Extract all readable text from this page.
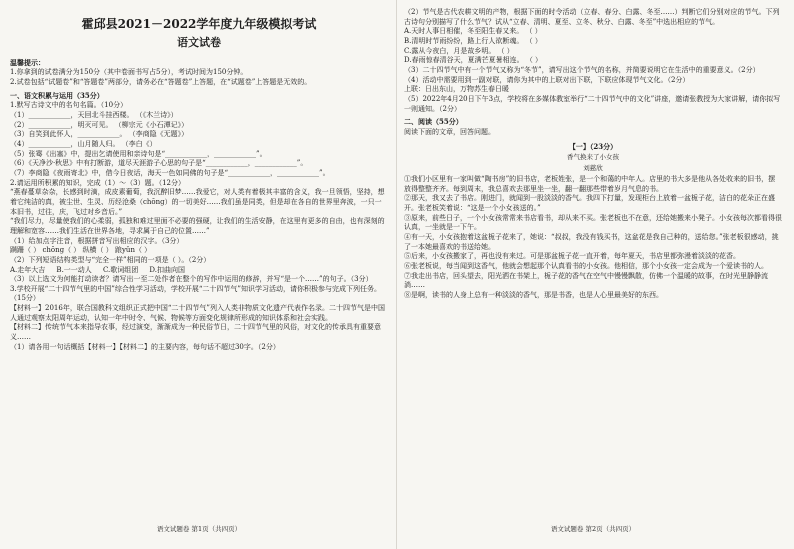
霍邱县2021－2022学年度九年级模拟考试
语文试卷
温馨提示：

1.你拿到的试卷满分为150分（其中卷面书写占5分），考试时间为150分钟。

2.试卷包括“试题卷”和“答题卷”两部分，请务必在“答题卷”上答题，在“试题卷”上答题是无效的。

一、语文积累与运用（35分）

1.默写古诗文中的名句名篇。（10分）

（1）____________，天回北斗挂西楼。 （《木兰诗》）

（2）____________，明灭可见。 （柳宗元《小石潭记》）

（3）自笑到此怀人，____________。 （李商隐《无题》）

（4）____________，山月随人归。 （李白《）

（5）张骞《出塞》中，提出乞请使用和亲诗句是“____________，____________”。

（6）《天净沙·秋思》中有打断游，道尽天涯游子心思的句子是“____________，____________”。

（7）李商隐《夜雨寄北》中，借今日夜话，海天一色如同佛的句子是“____________，____________”。

2.请运用所积累的知识，完成（1）～（3）题。（12分）

“燕春蔓草杂杂，长感到时滴，成皮素葡萄，我沉醉旧梦……我爱它，对人类有着极其丰富的含义，我一旦领悟，坚持，想着它纯洁的真，被尘世、生灵、历经沧桑（chōnɡ）的一切美好……我们虽是同类，但是却在各自的世界里奔波，一只一本旧书，过往，庆，飞过对乡音后。”

“我们尽力，尽量使我们的心柔弱，孤独和难过里面不必要的强硬，让我们的生活安静，在这里有更多的自由，也有深刻的理解和宽容……我们生活在世界各地，寻求属于自己的位置……”

（1）给加点字注音，根据拼音写出相应的汉字。（3分）

蹒跚（ ） chōnɡ（ ） 纵横（ ） 踉yǔn（ ）

（2）下列短语结构类型与“完全一样”相同的一项是（ ）。（2分）

A.走年大吉 B.一一动人 C.歌词组团 D.扣曲向国

（3）以上选文为何能打动读者？请写出一至二处作者在整个的写作中运用的修辞，并写“是一个……”的句子。（3分）

3.学校开展“二十四节气里的中国”综合性学习活动，学校开展“二十四节气”知识学习活动，请你积极参与完成下列任务。（15分）

【材料一】2016年，联合国教科文组织正式把中国“二十四节气”列入人类非物质文化遗产代表作名录。二十四节气是中国人通过观察太阳周年运动，认知一年中时令、气候、物候等方面变化规律所形成的知识体系和社会实践。

【材料二】传统节气本来指导农事，经过演变，渐渐成为一种民俗节日，二十四节气里的风俗，对文化的传承具有重要意义……

（1）请各用一句话概括【材料一】【材料二】的主要内容，每句话不超过30字。（2分）

语文试题卷 第1页（共四页）

（2）节气是古代农耕文明的产物，根据下面的时令活动（立春、春分、白露、冬至……）判断它们分别对应的节气。下列古诗句分别描写了什么节气？试从“立春、清明、夏至、立冬、秋分、白露、冬至”中选出相应的节气。

A.天时人事日相催，冬至阳生春又来。 （ ）

B.清明时节雨纷纷，路上行人欲断魂。 （ ）

C.露从今夜白，月是故乡明。 （ ）

D.春雨惊春清谷天，夏满芒夏暑相连。 （ ）

（3）二十四节气中有一个节气又称为“冬节”，请写出这个节气的名称，并简要说明它在生活中的重要意义。（2分）

（4）活动中需要用到一副对联，请你为其中的上联对出下联，下联应体现节气文化。（2分）

上联：日出东山，万物苏生春日暖

（5）2022年4月20日下午3点，学校将在多媒体教室举行“二十四节气中的文化”讲座，邀请张教授为大家讲解，请你拟写一则通知。（2分）

二、阅读（55分）

阅读下面的文章，回答问题。

【一】（23分）
香气换来了小女孩
刘慈欣

①我们小区里有一家叫做“陶书房”的旧书店，老板姓张，是一个和蔼的中年人。店里的书大多是他从各处收来的旧书，摆放得整整齐齐。每到周末，我总喜欢去那里坐一坐，翻一翻那些带着岁月气息的书。

②那天，我又去了书店。刚进门，就闻到一股淡淡的香气。我四下打量，发现柜台上放着一盆栀子花，洁白的花朵正在盛开。张老板笑着说：“这是一个小女孩送的。”

③原来，前些日子，一个小女孩常常来书店看书，却从来不买。张老板也不在意，还给她搬来小凳子。小女孩每次都看得很认真，一坐就是一下午。

④有一天，小女孩抱着这盆栀子花来了，她说：“叔叔，我没有钱买书，这盆花是我自己种的，送给您。”张老板很感动，挑了一本她最喜欢的书送给她。

⑤后来，小女孩搬家了，再也没有来过。可是那盆栀子花一直开着，每年夏天，书店里都弥漫着淡淡的花香。

⑥张老板说，每当闻到这香气，他就会想起那个认真看书的小女孩。他相信，那个小女孩一定会成为一个爱读书的人。

⑦我走出书店，回头望去，阳光洒在书架上，栀子花的香气在空气中慢慢飘散，仿佛一个温暖的故事，在时光里静静流淌……

⑧是啊，读书的人身上总有一种淡淡的香气，那是书香，也是人心里最美好的东西。

语文试题卷 第2页（共四页）
